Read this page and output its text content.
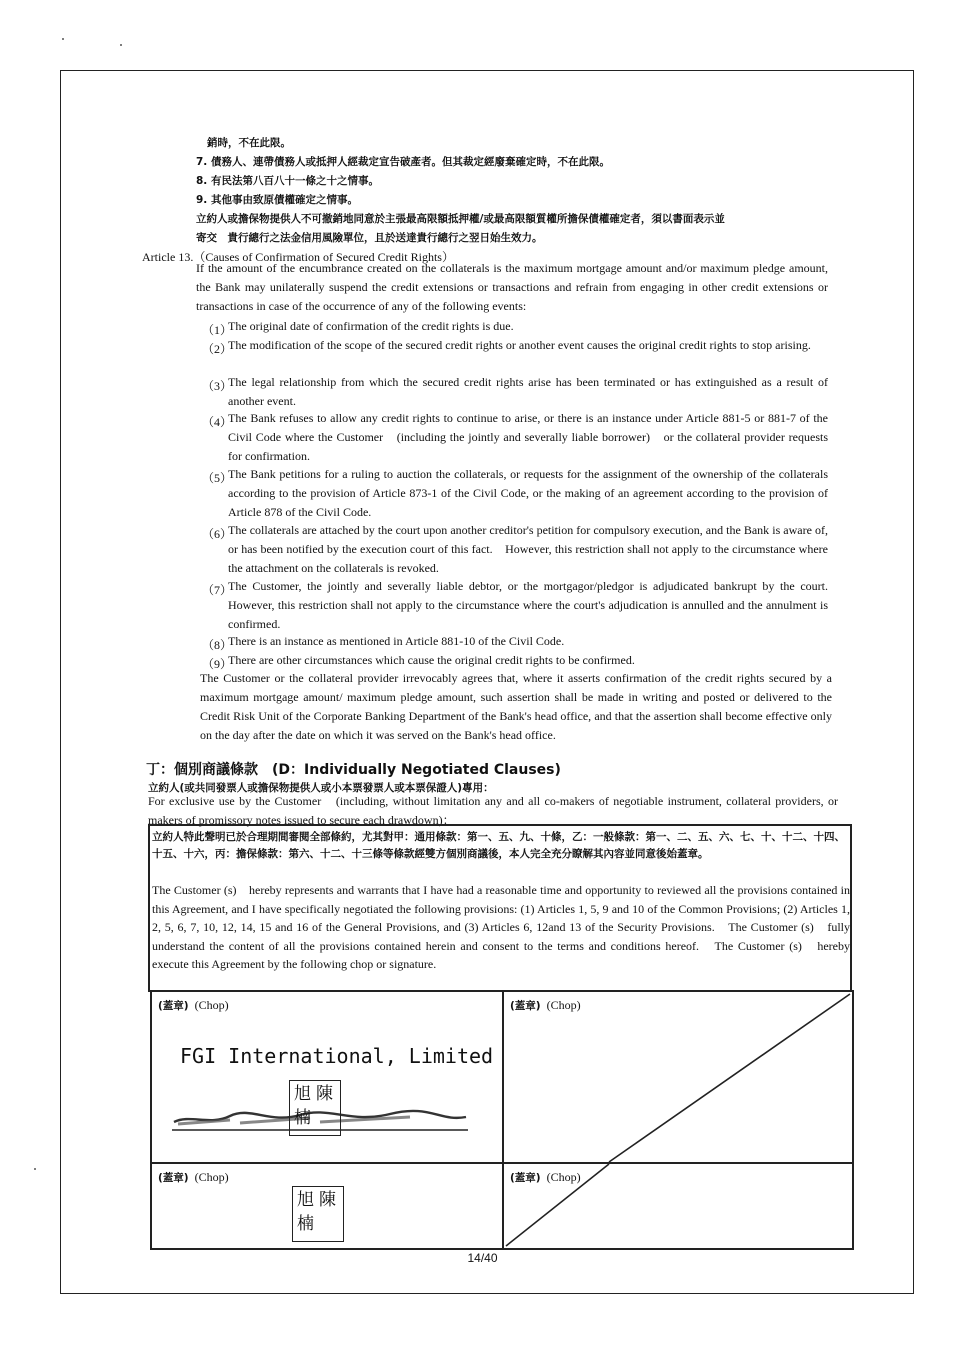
銷時，不在此限。
7. 債務人、連帶債務人或抵押人經裁定宣告破產者。但其裁定經廢棄確定時，不在此限。
8. 有民法第八百八十一條之十之情事。
9. 其他事由致原債權確定之情事。
立約人或擔保物提供人不可撤銷地同意於主張最高限額抵押權/或最高限額質權所擔保債權確定者，須以書面表示並
寄交　貴行總行之法金信用風險單位，且於送達貴行總行之翌日始生效力。
Article 13.（Causes of Confirmation of Secured Credit Rights）
If the amount of the encumbrance created on the collaterals is the maximum mortgage amount and/or maximum pledge amount, the Bank may unilaterally suspend the credit extensions or transactions and refrain from engaging in other credit extensions or transactions in case of the occurrence of any of the following events:
（1）
The original date of confirmation of the credit rights is due.
（2）
The modification of the scope of the secured credit rights or another event causes the original credit rights to stop arising.
（3）
The legal relationship from which the secured credit rights arise has been terminated or has extinguished as a result of another event.
（4）
The Bank refuses to allow any credit rights to continue to arise, or there is an instance under Article 881-5 or 881-7 of the Civil Code where the Customer　(including the jointly and severally liable borrower)　or the collateral provider requests for confirmation.
（5）
The Bank petitions for a ruling to auction the collaterals, or requests for the assignment of the ownership of the collaterals according to the provision of Article 873-1 of the Civil Code, or the making of an agreement according to the provision of Article 878 of the Civil Code.
（6）
The collaterals are attached by the court upon another creditor's petition for compulsory execution, and the Bank is aware of, or has been notified by the execution court of this fact.　However, this restriction shall not apply to the circumstance where the attachment on the collaterals is revoked.
（7）
The Customer, the jointly and severally liable debtor, or the mortgagor/pledgor is adjudicated bankrupt by the court.　However, this restriction shall not apply to the circumstance where the court's adjudication is annulled and the annulment is confirmed.
（8）
There is an instance as mentioned in Article 881-10 of the Civil Code.
（9）
There are other circumstances which cause the original credit rights to be confirmed.
The Customer or the collateral provider irrevocably agrees that, where it asserts confirmation of the credit rights secured by a maximum mortgage amount/ maximum pledge amount, such assertion shall be made in writing and posted or delivered to the Credit Risk Unit of the Corporate Banking Department of the Bank's head office, and that the assertion shall become effective only on the day after the date on which it was served on the Bank's head office.
丁：個別商議條款　(D：Individually Negotiated Clauses)
立約人(或共同發票人或擔保物提供人或小本票發票人或本票保證人)專用：
For exclusive use by the Customer　(including, without limitation any and all co-makers of negotiable instrument, collateral providers, or makers of promissory notes issued to secure each drawdown)：
立約人特此聲明已於合理期間審閱全部條約，尤其對甲：通用條款：第一、五、九、十條，乙：一般條款：第一、二、五、六、七、十、十二、十四、十五、十六，丙：擔保條款：第六、十二、十三條等條款經雙方個別商議後，本人完全充分瞭解其內容並同意後始蓋章。
The Customer (s)　hereby represents and warrants that I have had a reasonable time and opportunity to reviewed all the provisions contained in this Agreement, and I have specifically negotiated the following provisions: (1) Articles 1, 5, 9 and 10 of the Common Provisions; (2) Articles 1, 2, 5, 6, 7, 10, 12, 14, 15 and 16 of the General Provisions, and (3) Articles 6, 12and 13 of the Security Provisions.　The Customer (s)　fully understand the content of all the provisions contained herein and consent to the terms and conditions hereof.　The Customer (s)　hereby execute this Agreement by the following chop or signature.
(蓋章) (Chop)
FGI International, Limited
陳
旭
楠
(蓋章) (Chop)
(蓋章) (Chop)
陳
旭
楠
(蓋章) (Chop)
14/40
